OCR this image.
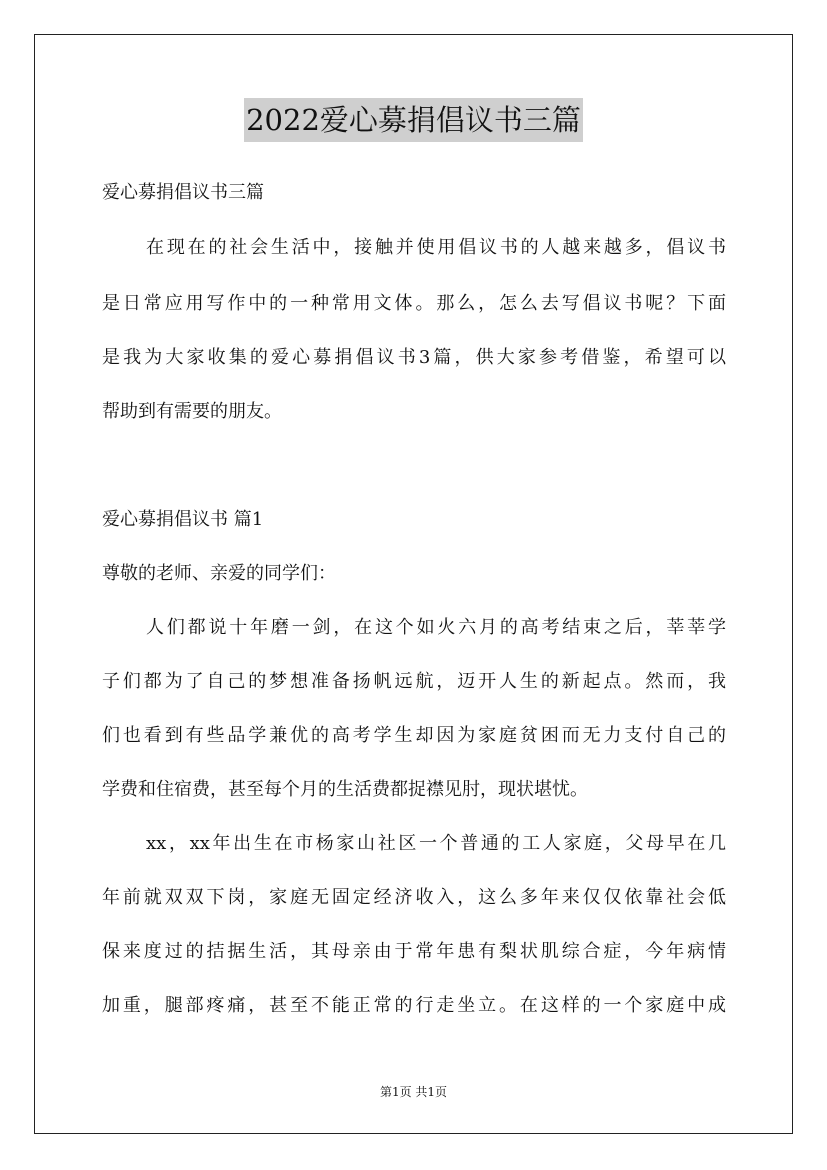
2022爱心募捐倡议书三篇
爱心募捐倡议书三篇
在现在的社会生活中，接触并使用倡议书的人越来越多，倡议书
是日常应用写作中的一种常用文体。那么，怎么去写倡议书呢？下面
是我为大家收集的爱心募捐倡议书3篇，供大家参考借鉴，希望可以
帮助到有需要的朋友。
爱心募捐倡议书 篇1
尊敬的老师、亲爱的同学们：
人们都说十年磨一剑，在这个如火六月的高考结束之后，莘莘学
子们都为了自己的梦想准备扬帆远航，迈开人生的新起点。然而，我
们也看到有些品学兼优的高考学生却因为家庭贫困而无力支付自己的
学费和住宿费，甚至每个月的生活费都捉襟见肘，现状堪忧。
xx，xx年出生在市杨家山社区一个普通的工人家庭，父母早在几
年前就双双下岗，家庭无固定经济收入，这么多年来仅仅依靠社会低
保来度过的拮据生活，其母亲由于常年患有梨状肌综合症，今年病情
加重，腿部疼痛，甚至不能正常的行走坐立。在这样的一个家庭中成
第1页 共1页
